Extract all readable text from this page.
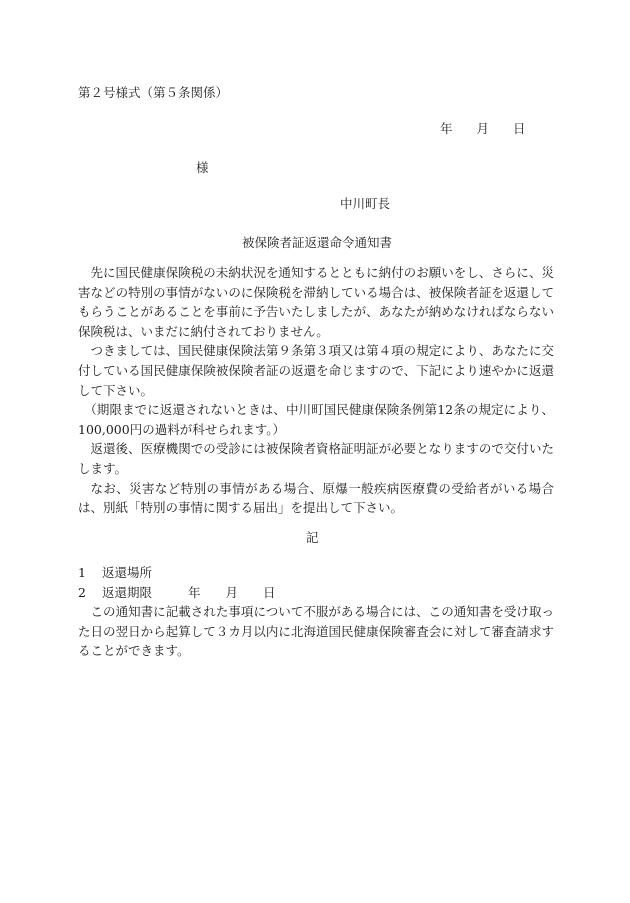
第２号様式（第５条関係）
年 月 日
様
中川町長
被保険者証返還命令通知書

先に国民健康保険税の未納状況を通知するとともに納付のお願いをし、さらに、災害などの特別の事情がないのに保険税を滞納している場合は、被保険者証を返還してもらうことがあることを事前に予告いたしましたが、あなたが納めなければならない保険税は、いまだに納付されておりません。

つきましては、国民健康保険法第９条第３項又は第４項の規定により、あなたに交付している国民健康保険被保険者証の返還を命じますので、下記により速やかに返還して下さい。

（期限までに返還されないときは、中川町国民健康保険条例第12条の規定により、100,000円の過料が科せられます。）

返還後、医療機関での受診には被保険者資格証明証が必要となりますので交付いたします。

なお、災害など特別の事情がある場合、原爆一般疾病医療費の受給者がいる場合は、別紙「特別の事情に関する届出」を提出して下さい。

記
1 返還場所
2 返還期限	年　　月　　日

この通知書に記載された事項について不服がある場合には、この通知書を受け取った日の翌日から起算して３カ月以内に北海道国民健康保険審査会に対して審査請求することができます。
